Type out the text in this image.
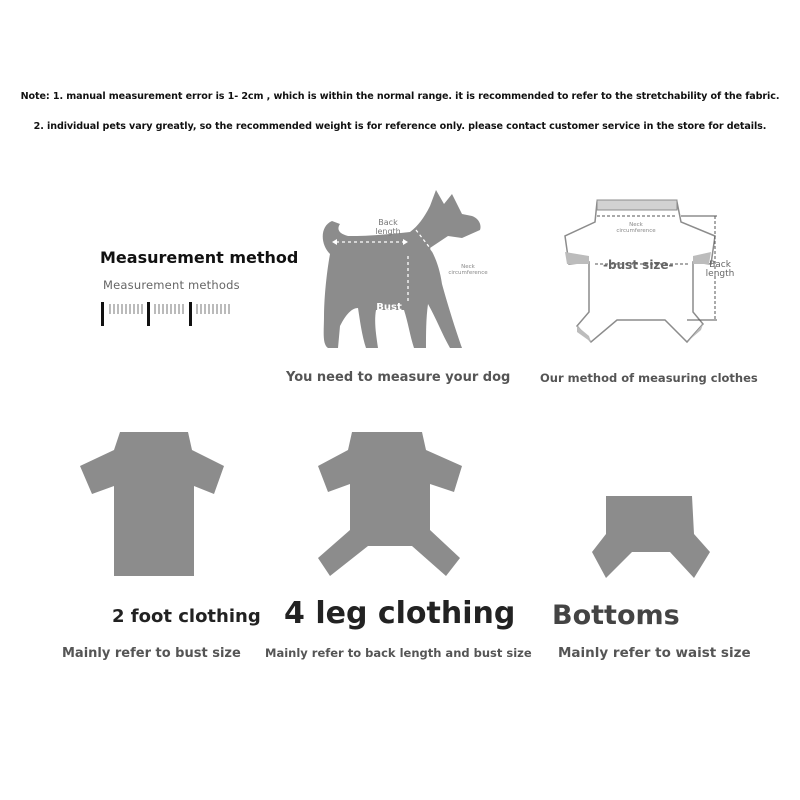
Note: 1. manual measurement error is 1- 2cm , which is within the normal range. it is recommended to refer to the stretchability of the fabric.
2. individual pets vary greatly, so the recommended weight is for reference only. please contact customer service in the store for details.
Measurement method
Measurement methods
Back length
Neck circumference
Bust size
You need to measure your dog
Neck circumference
-bust size-	Back length
Our method of measuring clothes
2 foot clothing 4 leg clothing Bottoms
Mainly refer to bust size Mainly refer to back length and bust size Mainly refer to waist size
